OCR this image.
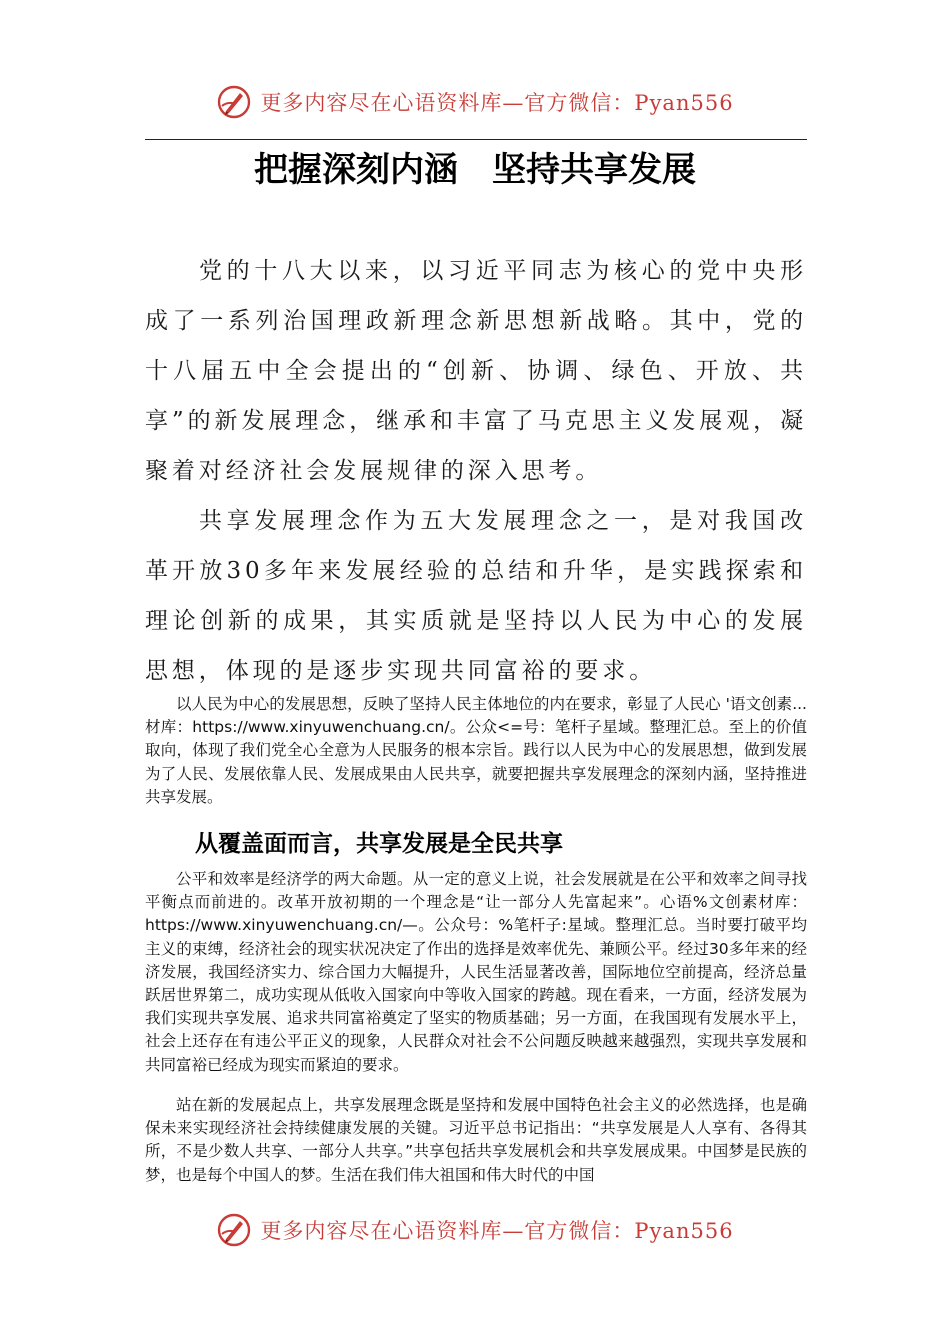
更多内容尽在心语资料库—官方微信：Pyan556
把握深刻内涵　坚持共享发展

党的十八大以来，以习近平同志为核心的党中央形成了一系列治国理政新理念新思想新战略。其中，党的十八届五中全会提出的“创新、协调、绿色、开放、共享”的新发展理念，继承和丰富了马克思主义发展观，凝聚着对经济社会发展规律的深入思考。

共享发展理念作为五大发展理念之一，是对我国改革开放30多年来发展经验的总结和升华，是实践探索和理论创新的成果，其实质就是坚持以人民为中心的发展思想，体现的是逐步实现共同富裕的要求。

以人民为中心的发展思想，反映了坚持人民主体地位的内在要求，彰显了人民心 '语文创素...材库：https://www.xinyuwenchuang.cn/。公众<=号：笔杆子星域。整理汇总。至上的价值取向，体现了我们党全心全意为人民服务的根本宗旨。践行以人民为中心的发展思想，做到发展为了人民、发展依靠人民、发展成果由人民共享，就要把握共享发展理念的深刻内涵，坚持推进共享发展。

从覆盖面而言，共享发展是全民共享

公平和效率是经济学的两大命题。从一定的意义上说，社会发展就是在公平和效率之间寻找平衡点而前进的。改革开放初期的一个理念是“让一部分人先富起来”。心语%文创素材库：https://www.xinyuwenchuang.cn/—。公众号：%笔杆子:星域。整理汇总。当时要打破平均主义的束缚，经济社会的现实状况决定了作出的选择是效率优先、兼顾公平。经过30多年来的经济发展，我国经济实力、综合国力大幅提升，人民生活显著改善，国际地位空前提高，经济总量跃居世界第二，成功实现从低收入国家向中等收入国家的跨越。现在看来，一方面，经济发展为我们实现共享发展、追求共同富裕奠定了坚实的物质基础；另一方面，在我国现有发展水平上，社会上还存在有违公平正义的现象，人民群众对社会不公问题反映越来越强烈，实现共享发展和共同富裕已经成为现实而紧迫的要求。

站在新的发展起点上，共享发展理念既是坚持和发展中国特色社会主义的必然选择，也是确保未来实现经济社会持续健康发展的关键。习近平总书记指出：“共享发展是人人享有、各得其所，不是少数人共享、一部分人共享。”共享包括共享发展机会和共享发展成果。中国梦是民族的梦，也是每个中国人的梦。生活在我们伟大祖国和伟大时代的中国

更多内容尽在心语资料库—官方微信：Pyan556
